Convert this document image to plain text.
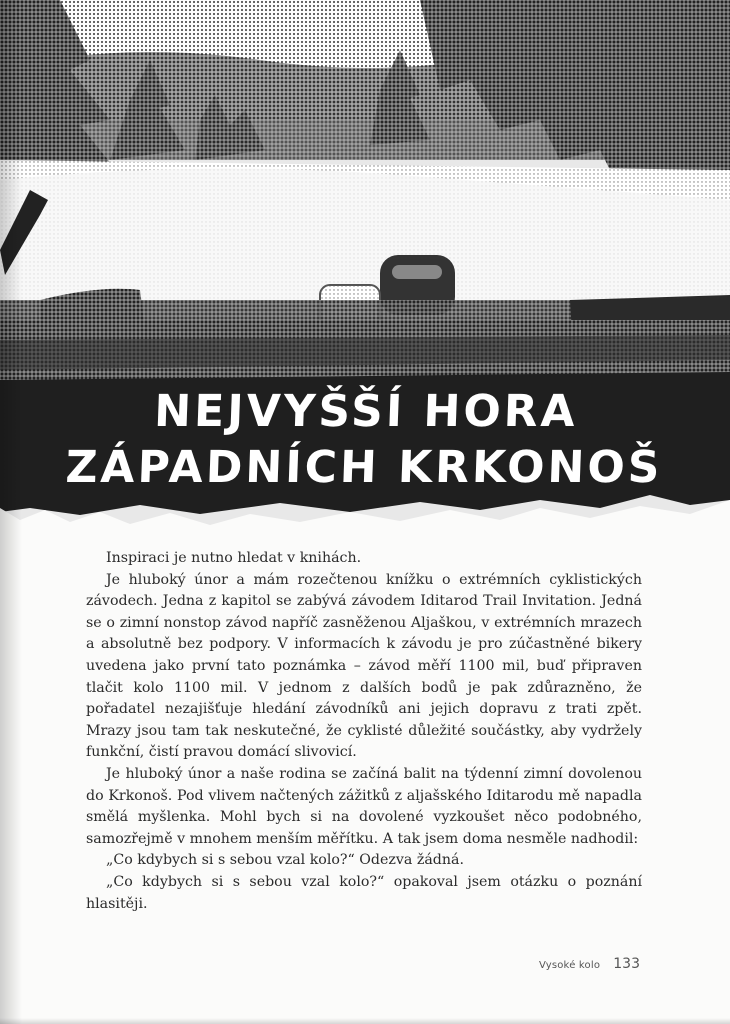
NEJVYŠŠÍ HORA
ZÁPADNÍCH KRKONOŠ

Inspiraci je nutno hledat v knihách.

Je hluboký únor a mám rozečtenou knížku o extrémních cyklistických závodech. Jedna z kapitol se zabývá závodem Iditarod Trail Invitation. Jedná se o zimní nonstop závod napříč zasněženou Aljaškou, v extrémních mrazech a absolutně bez podpory. V informacích k závodu je pro zúčastněné bikery uvedena jako první tato poznámka – závod měří 1100 mil, buď připraven tlačit kolo 1100 mil. V jednom z dalších bodů je pak zdůrazněno, že pořadatel nezajišťuje hledání závodníků ani jejich dopravu z trati zpět. Mrazy jsou tam tak neskutečné, že cyklisté důležité součástky, aby vydržely funkční, čistí pravou domácí slivovicí.

Je hluboký únor a naše rodina se začíná balit na týdenní zimní dovolenou do Krkonoš. Pod vlivem načtených zážitků z aljašského Iditarodu mě napadla smělá myšlenka. Mohl bych si na dovolené vyzkoušet něco podobného, samozřejmě v mnohem menším měřítku. A tak jsem doma nesměle nadhodil:

„Co kdybych si s sebou vzal kolo?“ Odezva žádná.

„Co kdybych si s sebou vzal kolo?“ opakoval jsem otázku o poznání hlasitěji.

Vysoké kolo 133
